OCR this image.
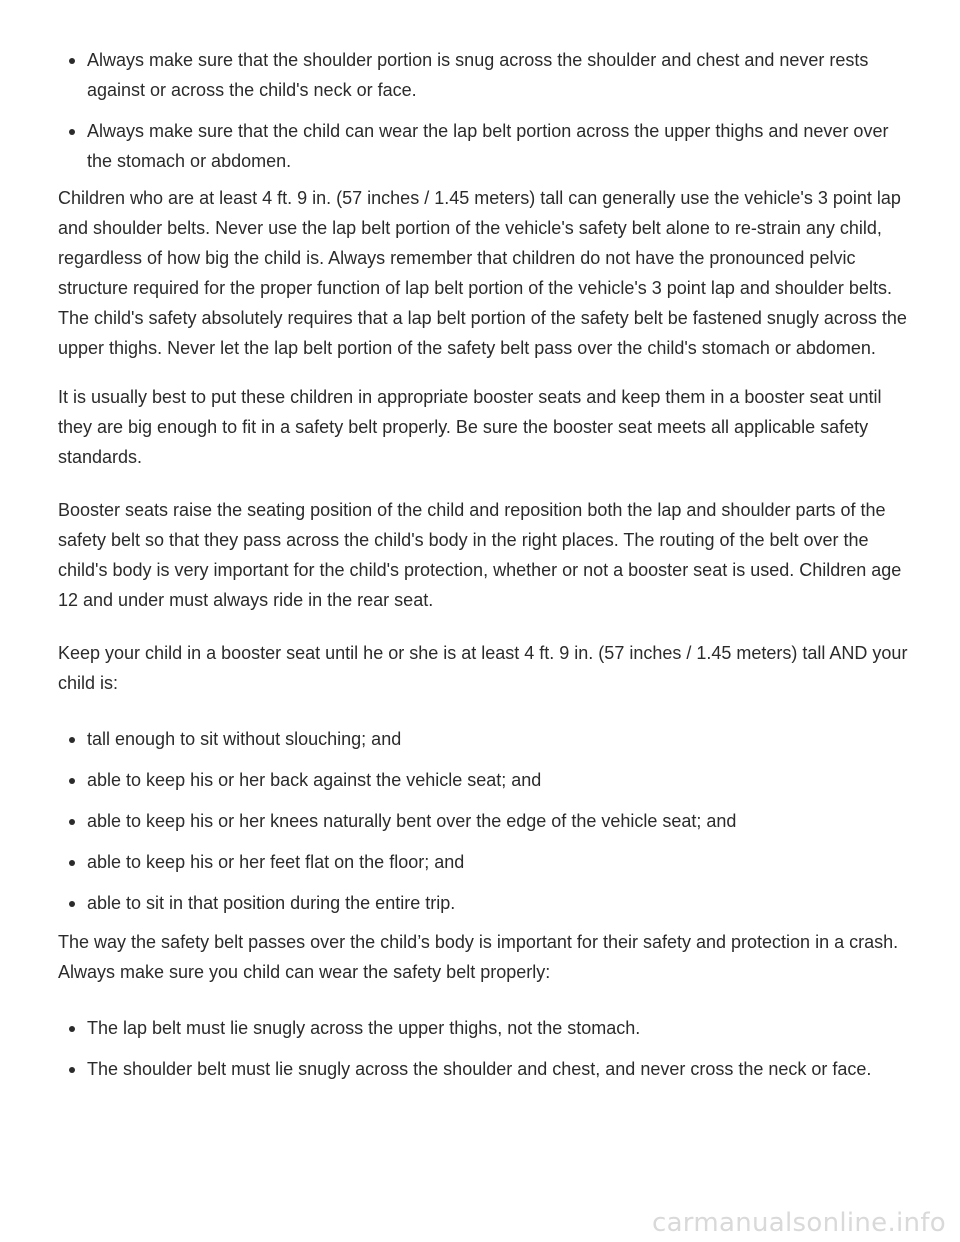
Always make sure that the shoulder portion is snug across the shoulder and chest and never rests against or across the child's neck or face.
Always make sure that the child can wear the lap belt portion across the upper thighs and never over the stomach or abdomen.

Children who are at least 4 ft. 9 in. (57 inches / 1.45 meters) tall can generally use the vehicle's 3 point lap and shoulder belts. Never use the lap belt portion of the vehicle's safety belt alone to re-strain any child, regardless of how big the child is. Always remember that children do not have the pronounced pelvic structure required for the proper function of lap belt portion of the vehicle's 3 point lap and shoulder belts. The child's safety absolutely requires that a lap belt portion of the safety belt be fastened snugly across the upper thighs. Never let the lap belt portion of the safety belt pass over the child's stomach or abdomen.

It is usually best to put these children in appropriate booster seats and keep them in a booster seat until they are big enough to fit in a safety belt properly. Be sure the booster seat meets all applicable safety standards.

Booster seats raise the seating position of the child and reposition both the lap and shoulder parts of the safety belt so that they pass across the child's body in the right places. The routing of the belt over the child's body is very important for the child's protection, whether or not a booster seat is used. Children age 12 and under must always ride in the rear seat.

Keep your child in a booster seat until he or she is at least 4 ft. 9 in. (57 inches / 1.45 meters) tall AND your child is:

tall enough to sit without slouching; and
able to keep his or her back against the vehicle seat; and
able to keep his or her knees naturally bent over the edge of the vehicle seat; and
able to keep his or her feet flat on the floor; and
able to sit in that position during the entire trip.

The way the safety belt passes over the child’s body is important for their safety and protection in a crash. Always make sure you child can wear the safety belt properly:

The lap belt must lie snugly across the upper thighs, not the stomach.
The shoulder belt must lie snugly across the shoulder and chest, and never cross the neck or face.
carmanualsonline.info
